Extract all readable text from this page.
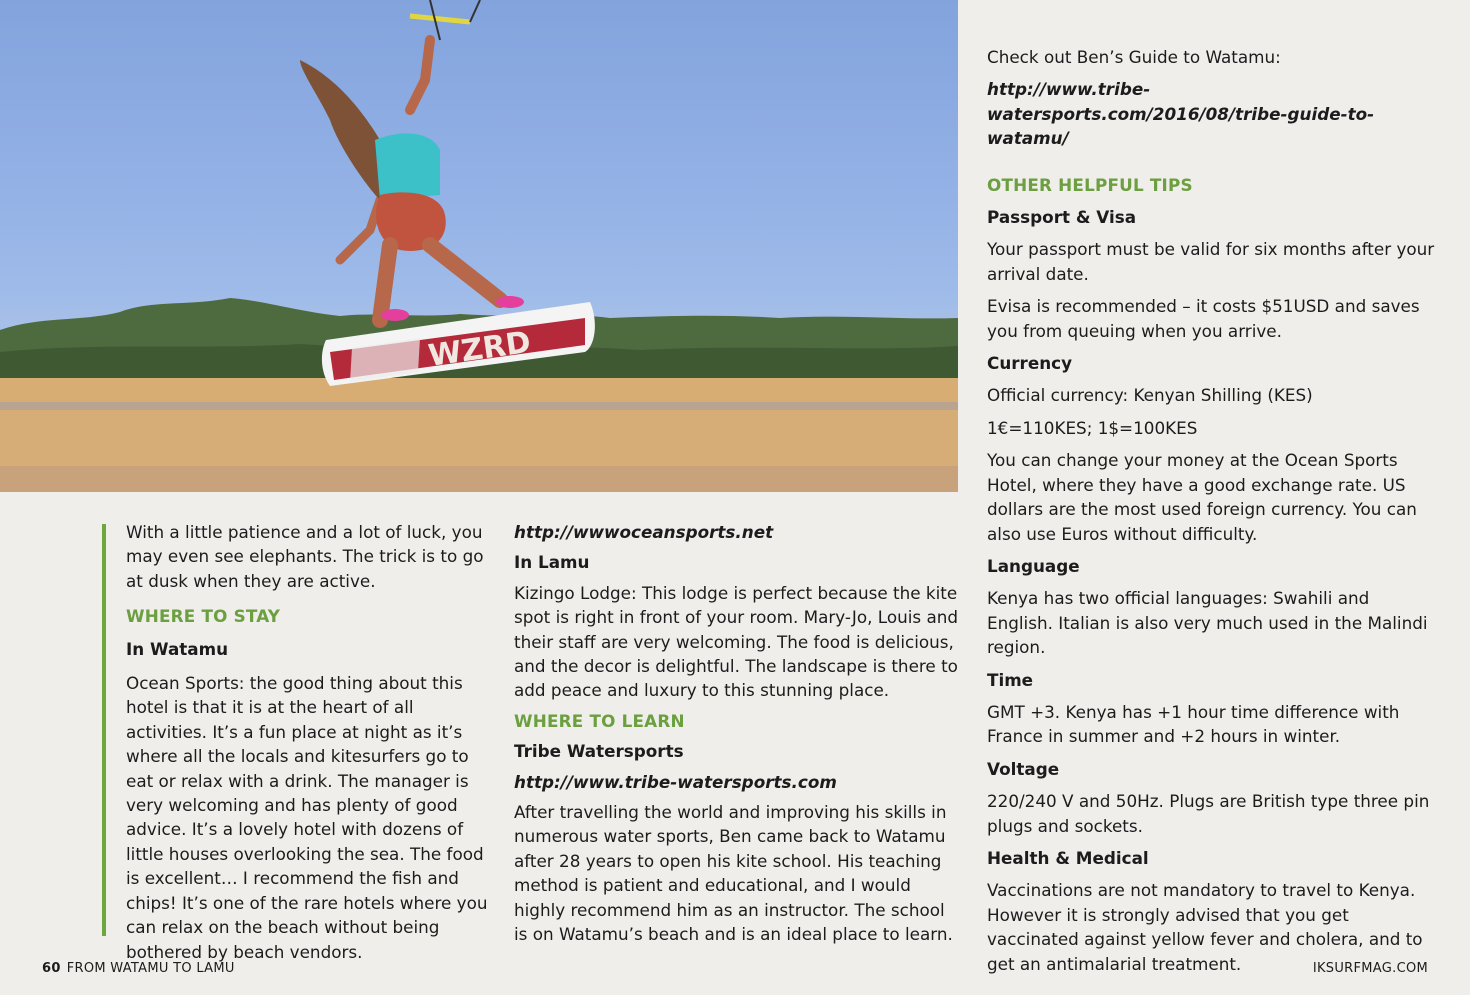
WZRD

With a little patience and a lot of luck, you may even see elephants. The trick is to go at dusk when they are active.

WHERE TO STAY

In Watamu

Ocean Sports: the good thing about this hotel is that it is at the heart of all activities. It’s a fun place at night as it’s where all the locals and kitesurfers go to eat or relax with a drink. The manager is very welcoming and has plenty of good advice. It’s a lovely hotel with dozens of little houses overlooking the sea. The food is excellent… I recommend the fish and chips! It’s one of the rare hotels where you can relax on the beach without being bothered by beach vendors.

http://wwwoceansports.net

In Lamu

Kizingo Lodge: This lodge is perfect because the kite spot is right in front of your room. Mary-Jo, Louis and their staff are very welcoming. The food is delicious, and the decor is delightful. The landscape is there to add peace and luxury to this stunning place.

WHERE TO LEARN

Tribe Watersports

http://www.tribe-watersports.com

After travelling the world and improving his skills in numerous water sports, Ben came back to Watamu after 28 years to open his kite school. His teaching method is patient and educational, and I would highly recommend him as an instructor. The school is on Watamu’s beach and is an ideal place to learn.

Check out Ben’s Guide to Watamu:

http://www.tribe-watersports.com/2016/08/tribe-guide-to-watamu/

OTHER HELPFUL TIPS

Passport & Visa

Your passport must be valid for six months after your arrival date.

Evisa is recommended – it costs $51USD and saves you from queuing when you arrive.

Currency

Official currency: Kenyan Shilling (KES)

1€=110KES; 1$=100KES

You can change your money at the Ocean Sports Hotel, where they have a good exchange rate. US dollars are the most used foreign currency. You can also use Euros without difficulty.

Language

Kenya has two official languages: Swahili and English. Italian is also very much used in the Malindi region.

Time

GMT +3. Kenya has +1 hour time difference with France in summer and +2 hours in winter.

Voltage

220/240 V and 50Hz. Plugs are British type three pin plugs and sockets.

Health & Medical

Vaccinations are not mandatory to travel to Kenya. However it is strongly advised that you get vaccinated against yellow fever and cholera, and to get an antimalarial treatment.

60 FROM WATAMU TO LAMU	IKSURFMAG.COM
